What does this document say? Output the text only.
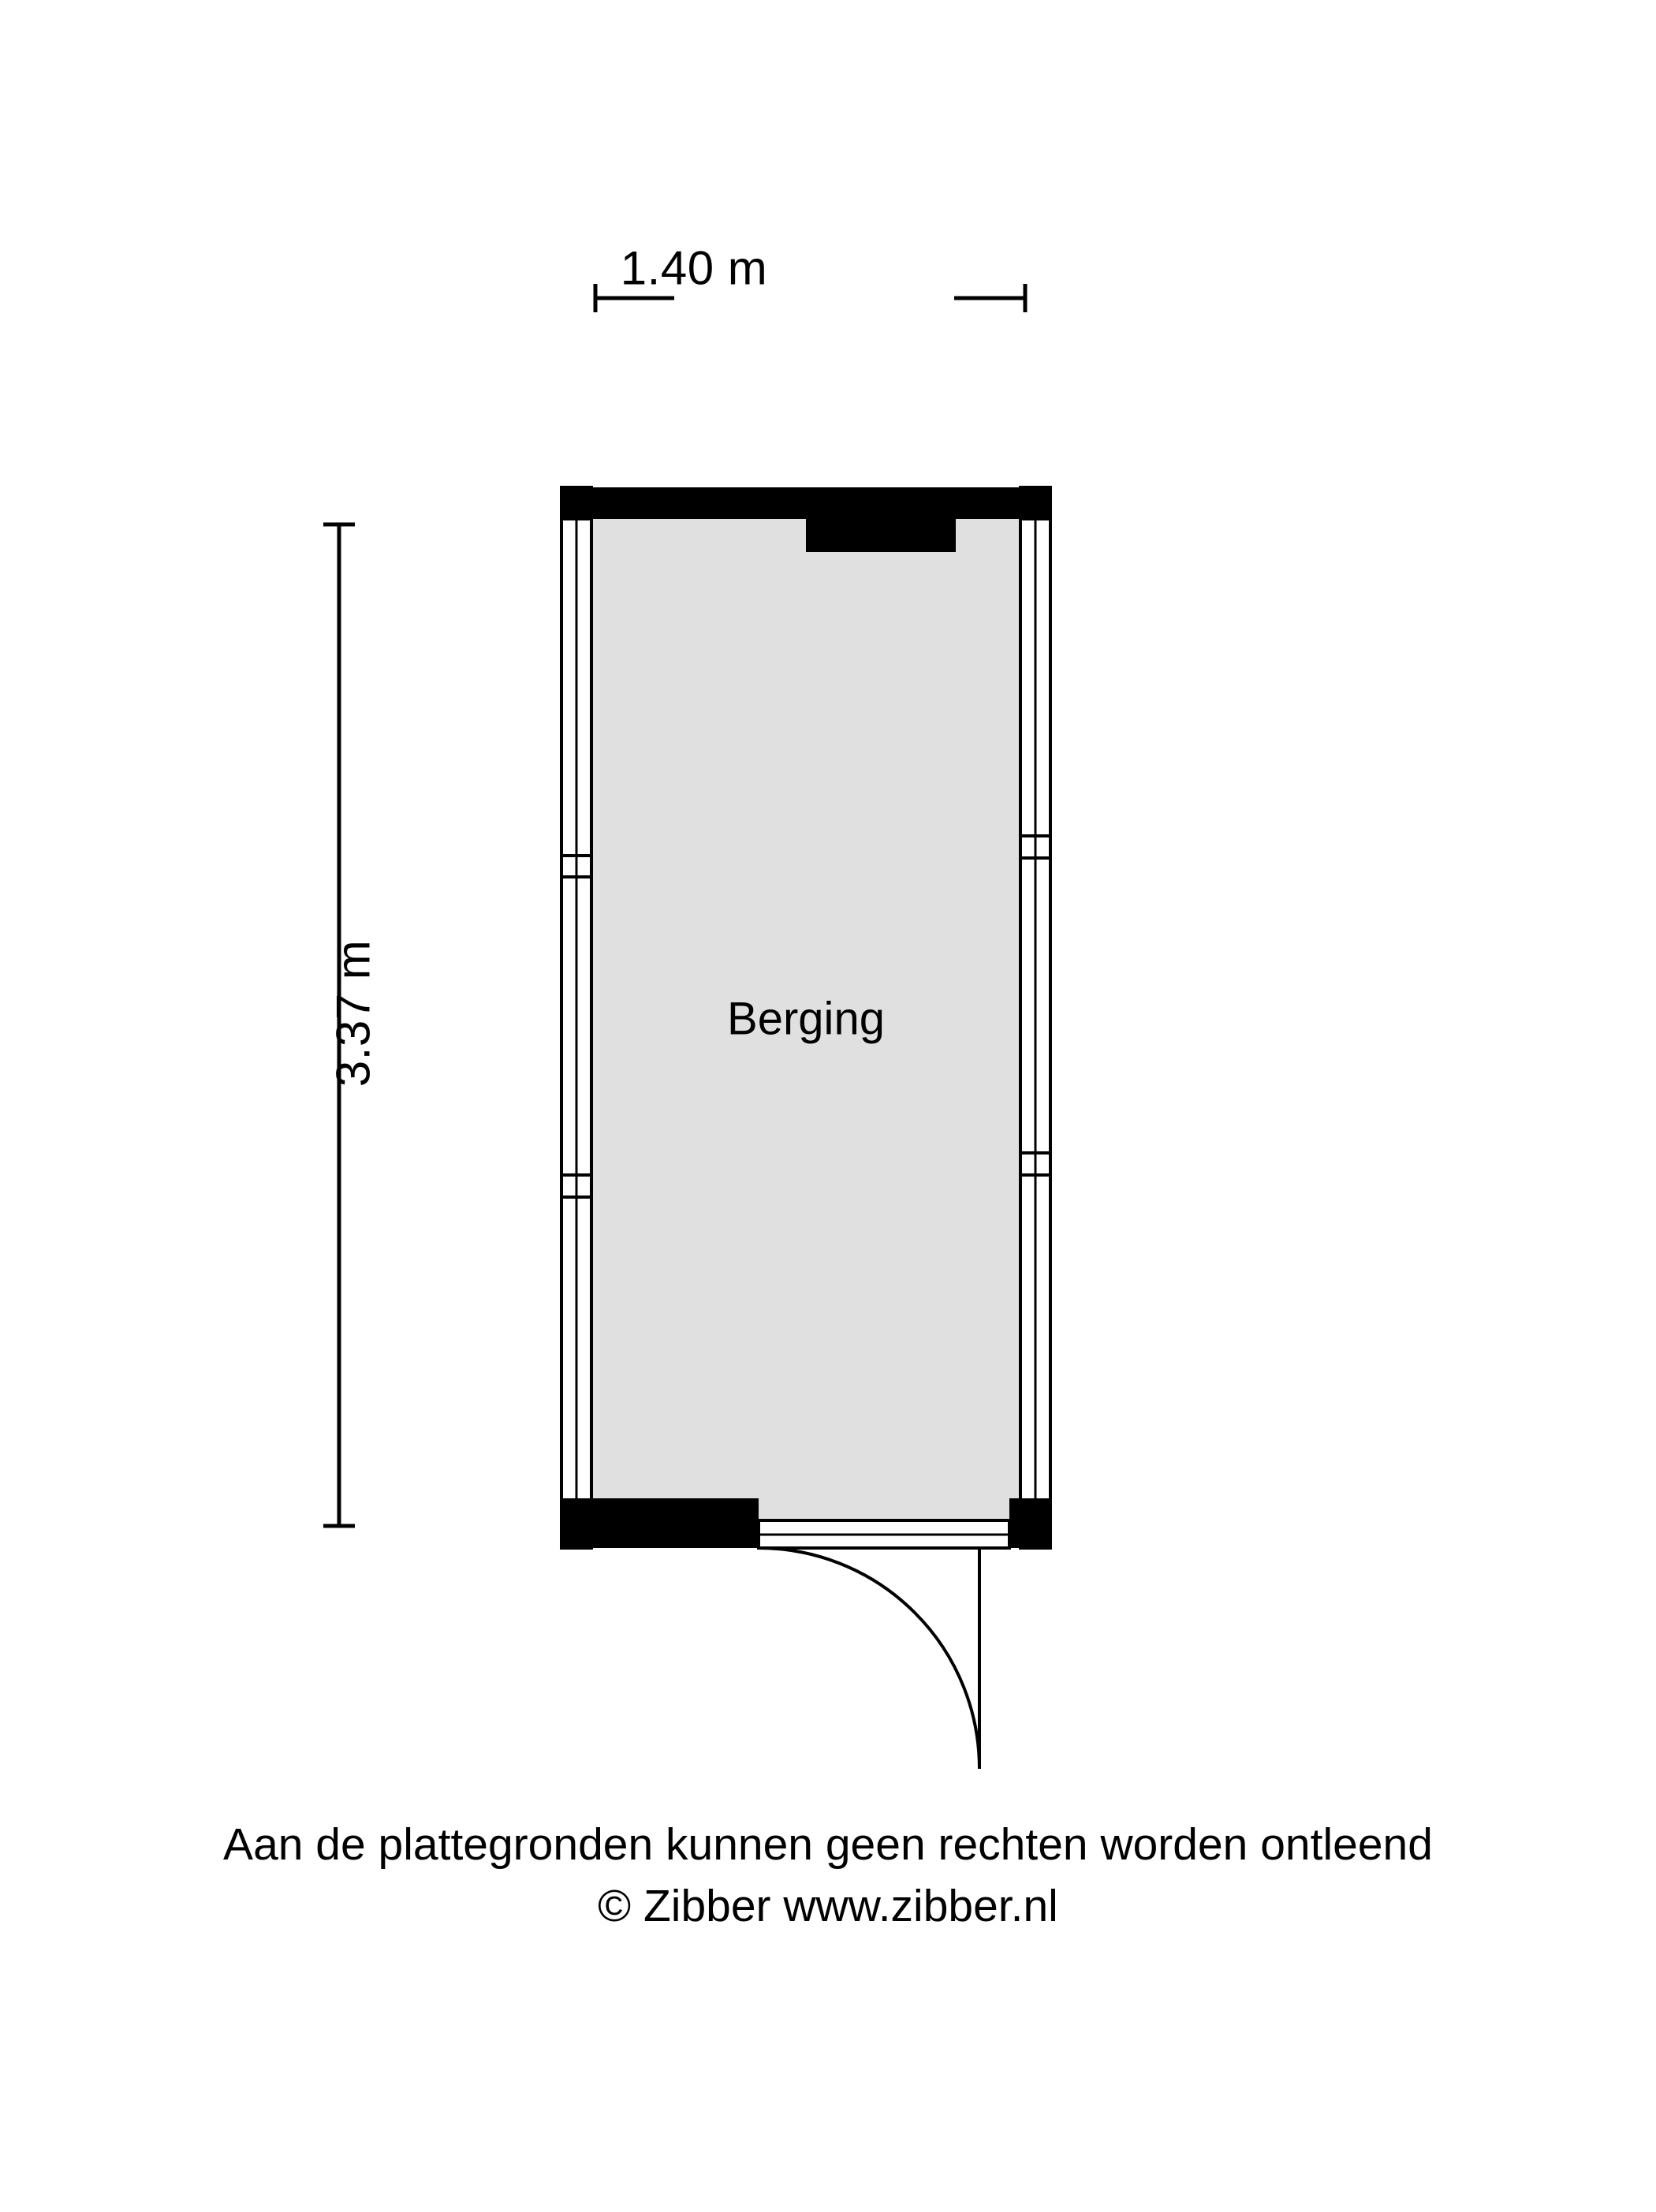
1.40 m
3.37 m	Berging
Aan de plattegronden kunnen geen rechten worden ontleend
© Zibber www.zibber.nl
